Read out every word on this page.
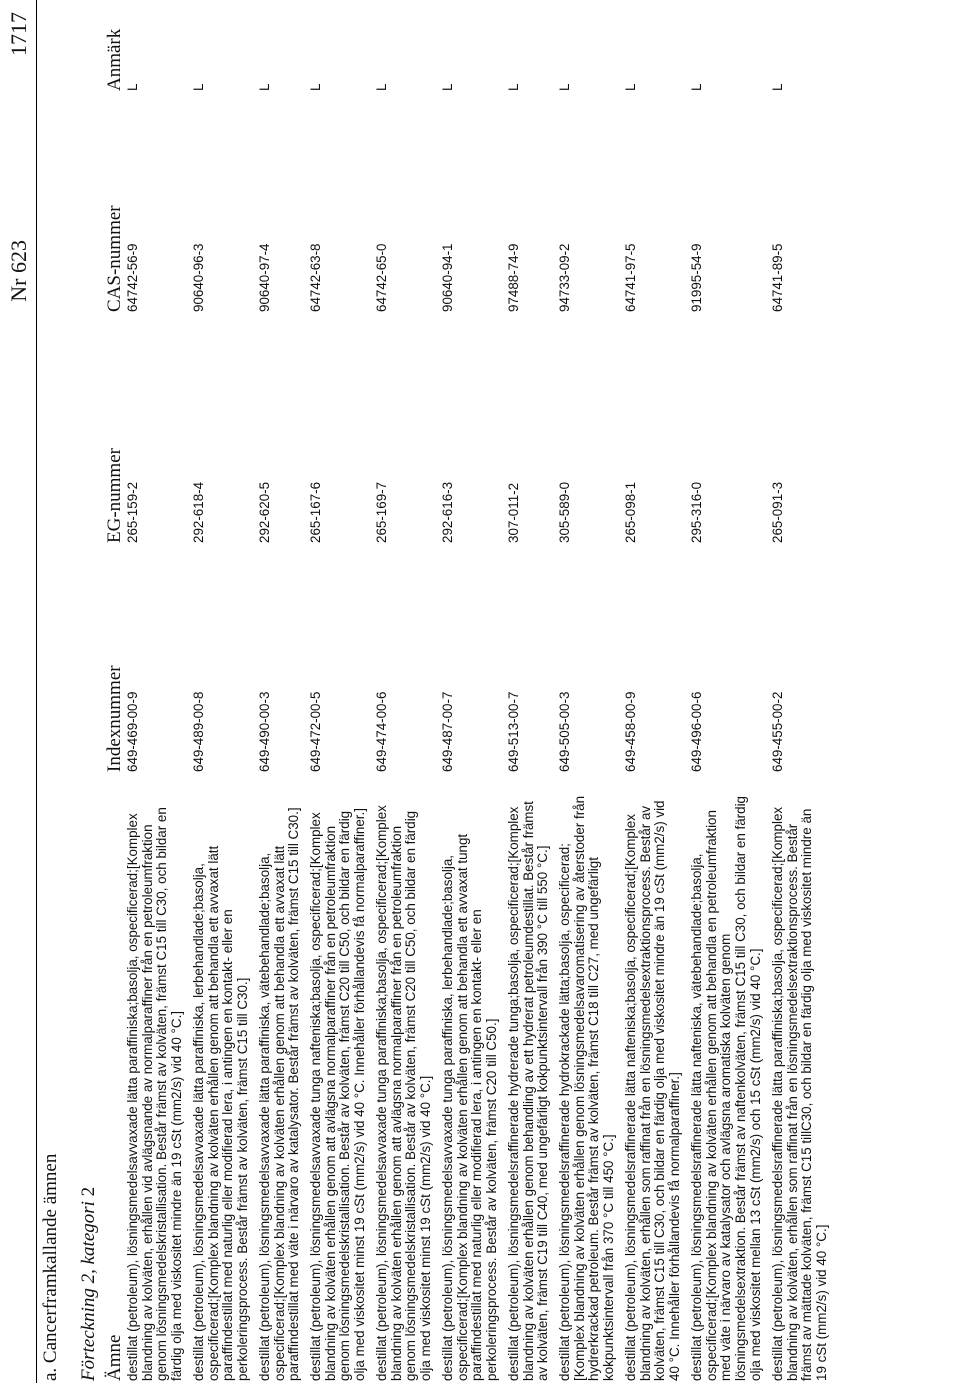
Nr 623
1717
destillat (petroleum), lösningsmedelsavvaxade lätta paraffiniska;basolja, ospecificerad;[Komplex blandning av kolväten, erhållen vid avlägsnande av normalparaffiner från en petroleumfraktion genom lösningsmedelskristallisation. Består främst av kolväten, främst C15 till C30, och bildar en färdig olja med viskositet mindre än 19 cSt (mm2/s) vid 40 °C.]
649-469-00-9
265-159-2
64742-56-9
L
destillat (petroleum), lösningsmedelsavvaxade lätta paraffiniska, lerbehandlade;basolja, ospecificerad;[Komplex blandning av kolväten erhållen genom att behandla ett avvaxat lätt paraffindestillat med naturlig eller modifierad lera, i antingen en kontakt- eller en perkoleringsprocess. Består främst av kolväten, främst C15 till C30.]
649-489-00-8
292-618-4
90640-96-3
L
destillat (petroleum), lösningsmedelsavvaxade lätta paraffiniska, vätebehandlade;basolja, ospecificerad;[Komplex blandning av kolväten erhållen genom att behandla ett avvaxat lätt paraffindestillat med väte i närvaro av katalysator. Består främst av kolväten, främst C15 till C30.]
649-490-00-3
292-620-5
90640-97-4
L
destillat (petroleum), lösningsmedelsavvaxade tunga nafteniska;basolja, ospecificerad;[Komplex blandning av kolväten erhållen genom att avlägsna normalparaffiner från en petroleumfraktion genom lösningsmedelskristallisation. Består av kolväten, främst C20 till C50, och bildar en färdig olja med viskositet minst 19 cSt (mm2/s) vid 40 °C. Innehåller förhållandevis få normalparaffiner.]
649-472-00-5
265-167-6
64742-63-8
L
destillat (petroleum), lösningsmedelsavvaxade tunga paraffiniska;basolja, ospecificerad;[Komplex blandning av kolväten erhållen genom att avlägsna normalparaffiner från en petroleumfraktion genom lösningsmedelskristallisation. Består av kolväten, främst C20 till C50, och bildar en färdig olja med viskositet minst 19 cSt (mm2/s) vid 40 °C.]
649-474-00-6
265-169-7
64742-65-0
L
destillat (petroleum), lösningsmedelsavvaxade tunga paraffiniska, lerbehandlade;basolja, ospecificerad;[Komplex blandning av kolväten erhållen genom att behandla ett avvaxat tungt paraffindestillat med naturlig eller modifierad lera, i antingen en kontakt- eller en perkoleringsprocess. Består av kolväten, främst C20 till C50.]
649-487-00-7
292-616-3
90640-94-1
L
destillat (petroleum), lösningsmedelsraffinerade hydrerade tunga;basolja, ospecificerad;[Komplex blandning av kolväten erhållen genom behandling av ett hydrerat petroleumdestillat. Består främst av kolväten, främst C19 till C40, med ungefärligt kokpunktsintervall från 390 °C till 550 °C.]
649-513-00-7
307-011-2
97488-74-9
L
destillat (petroleum), lösningsmedelsraffinerade hydrokrackade lätta;basolja, ospecificerad;[Komplex blandning av kolväten erhållen genom lösningsmedelsavaromatisering av återstoder från hydrerkrackad petroleum. Består främst av kolväten, främst C18 till C27, med ungefärligt kokpunktsintervall från 370 °C till 450 °C.]
649-505-00-3
305-589-0
94733-09-2
L
destillat (petroleum), lösningsmedelsraffinerade lätta nafteniska;basolja, ospecificerad;[Komplex blandning av kolväten, erhållen som raffinat från en lösningsmedelsextraktionsprocess. Består av kolväten, främst C15 till C30, och bildar en färdig olja med viskositet mindre än 19 cSt (mm2/s) vid 40 °C. Innehåller förhållandevis få normalparaffiner.]
649-458-00-9
265-098-1
64741-97-5
L
destillat (petroleum), lösningsmedelsraffinerade lätta nafteniska, vätebehandlade;basolja, ospecificerad;[Komplex blandning av kolväten erhållen genom att behandla en petroleumfraktion med väte i närvaro av katalysator och avlägsna aromatiska kolväten genom lösningsmedelsextraktion. Består främst av naftenkolväten, främst C15 till C30, och bildar en färdig olja med viskositet mellan 13 cSt (mm2/s) och 15 cSt (mm2/s) vid 40 °C.]
649-496-00-6
295-316-0
91995-54-9
L
destillat (petroleum), lösningsmedelsraffinerade lätta paraffiniska;basolja, ospecificerad;[Komplex blandning av kolväten, erhållen som raffinat från en lösningsmedelsextraktionsprocess. Består främst av mättade kolväten, främst C15 tillC30, och bildar en färdig olja med viskositet mindre än 19 cSt (mm2/s) vid 40 °C.]
649-455-00-2
265-091-3
64741-89-5
L
a. Cancerframkallande ämnen Förteckning 2, kategori 2
Ämne
Indexnummer
EG-nummer
CAS-nummer
Anmärk
